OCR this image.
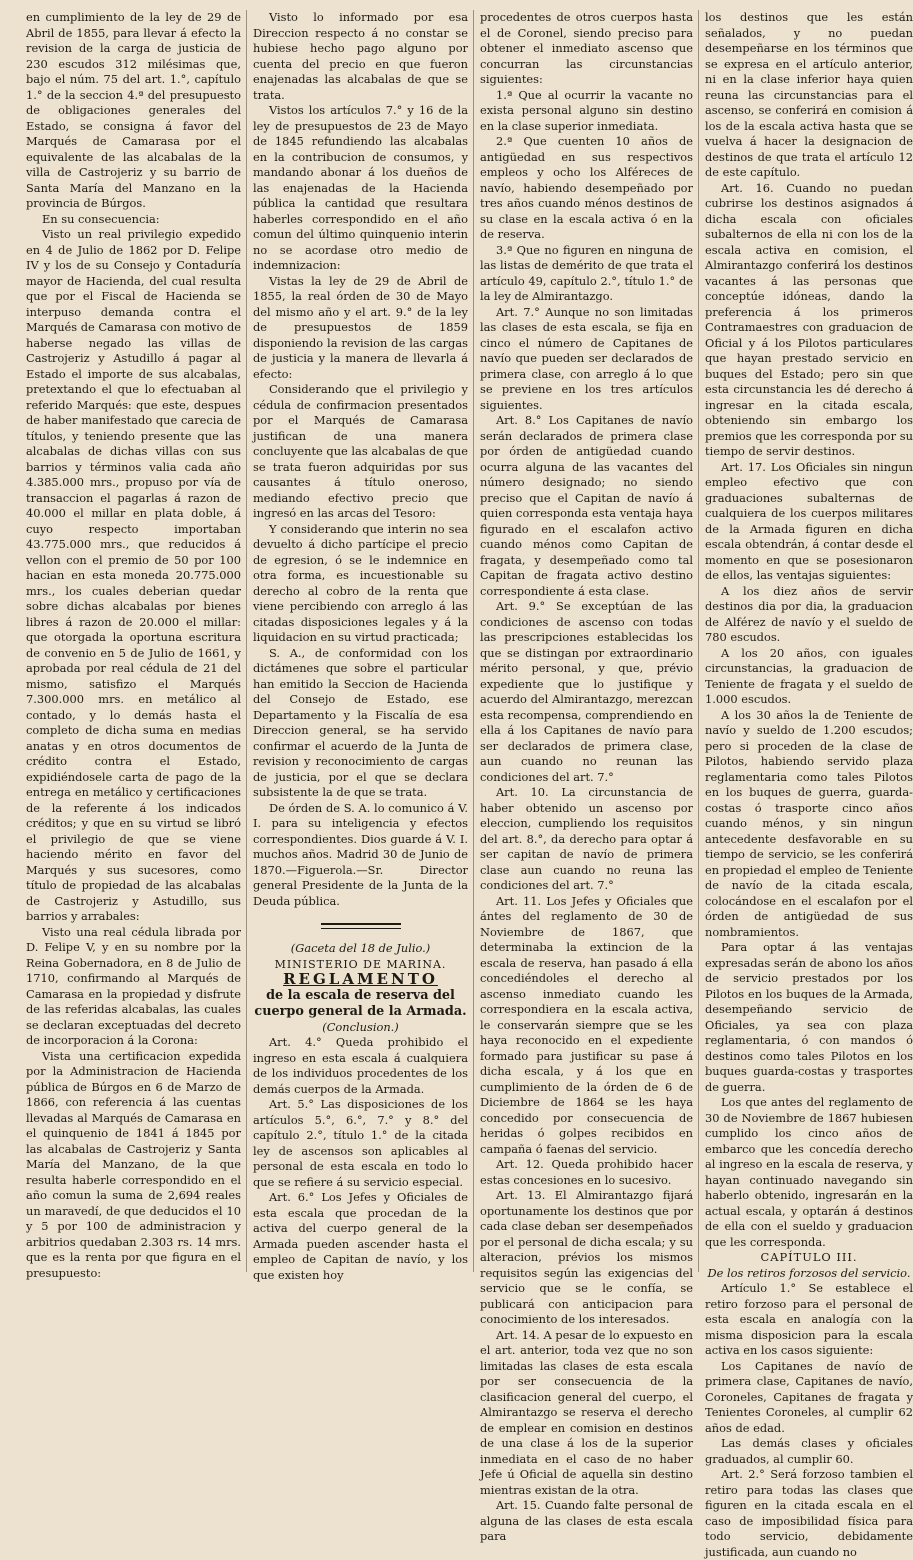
en cumplimiento de la ley de 29 de Abril de 1855, para llevar á efecto la revision de la carga de justicia de 230 escudos 312 milésimas que, bajo el núm. 75 del art. 1.°, capítulo 1.° de la seccion 4.ª del presupuesto de obligaciones generales del Estado, se consigna á favor del Marqués de Camarasa por el equivalente de las alcabalas de la villa de Castrojeriz y su barrio de Santa María del Manzano en la provincia de Búrgos.

En su consecuencia:

Visto un real privilegio expedido en 4 de Julio de 1862 por D. Felipe IV y los de su Consejo y Contaduría mayor de Hacienda, del cual resulta que por el Fiscal de Hacienda se interpuso demanda contra el Marqués de Camarasa con motivo de haberse negado las villas de Castrojeriz y Astudillo á pagar al Estado el importe de sus alcabalas, pretextando el que lo efectuaban al referido Marqués: que este, despues de haber manifestado que carecia de títulos, y teniendo presente que las alcabalas de dichas villas con sus barrios y términos valia cada año 4.385.000 mrs., propuso por vía de transaccion el pagarlas á razon de 40.000 el millar en plata doble, á cuyo respecto importaban 43.775.000 mrs., que reducidos á vellon con el premio de 50 por 100 hacian en esta moneda 20.775.000 mrs., los cuales deberian quedar sobre dichas alcabalas por bienes libres á razon de 20.000 el millar: que otorgada la oportuna escritura de convenio en 5 de Julio de 1661, y aprobada por real cédula de 21 del mismo, satisfizo el Marqués 7.300.000 mrs. en metálico al contado, y lo demás hasta el completo de dicha suma en medias anatas y en otros documentos de crédito contra el Estado, expidiéndosele carta de pago de la entrega en metálico y certificaciones de la referente á los indicados créditos; y que en su virtud se libró el privilegio de que se viene haciendo mérito en favor del Marqués y sus sucesores, como título de propiedad de las alcabalas de Castrojeriz y Astudillo, sus barrios y arrabales:

Visto una real cédula librada por D. Felipe V, y en su nombre por la Reina Gobernadora, en 8 de Julio de 1710, confirmando al Marqués de Camarasa en la propiedad y disfrute de las referidas alcabalas, las cuales se declaran exceptuadas del decreto de incorporacion á la Corona:

Vista una certificacion expedida por la Administracion de Hacienda pública de Búrgos en 6 de Marzo de 1866, con referencia á las cuentas llevadas al Marqués de Camarasa en el quinquenio de 1841 á 1845 por las alcabalas de Castrojeriz y Santa María del Manzano, de la que resulta haberle correspondido en el año comun la suma de 2,694 reales un maravedí, de que deducidos el 10 y 5 por 100 de administracion y arbitrios quedaban 2.303 rs. 14 mrs. que es la renta por que figura en el presupuesto:

Visto lo informado por esa Direccion respecto á no constar se hubiese hecho pago alguno por cuenta del precio en que fueron enajenadas las alcabalas de que se trata.

Vistos los artículos 7.° y 16 de la ley de presupuestos de 23 de Mayo de 1845 refundiendo las alcabalas en la contribucion de consumos, y mandando abonar á los dueños de las enajenadas de la Hacienda pública la cantidad que resultara haberles correspondido en el año comun del último quinquenio interin no se acordase otro medio de indemnizacion:

Vistas la ley de 29 de Abril de 1855, la real órden de 30 de Mayo del mismo año y el art. 9.° de la ley de presupuestos de 1859 disponiendo la revision de las cargas de justicia y la manera de llevarla á efecto:

Considerando que el privilegio y cédula de confirmacion presentados por el Marqués de Camarasa justifican de una manera concluyente que las alcabalas de que se trata fueron adquiridas por sus causantes á título oneroso, mediando efectivo precio que ingresó en las arcas del Tesoro:

Y considerando que interin no sea devuelto á dicho partícipe el precio de egresion, ó se le indemnice en otra forma, es incuestionable su derecho al cobro de la renta que viene percibiendo con arreglo á las citadas disposiciones legales y á la liquidacion en su virtud practicada;

S. A., de conformidad con los dictámenes que sobre el particular han emitido la Seccion de Hacienda del Consejo de Estado, ese Departamento y la Fiscalía de esa Direccion general, se ha servido confirmar el acuerdo de la Junta de revision y reconocimiento de cargas de justicia, por el que se declara subsistente la de que se trata.

De órden de S. A. lo comunico á V. I. para su inteligencia y efectos correspondientes. Dios guarde á V. I. muchos años. Madrid 30 de Junio de 1870.—Figuerola.—Sr. Director general Presidente de la Junta de la Deuda pública.

(Gaceta del 18 de Julio.)

MINISTERIO DE MARINA.

REGLAMENTO

de la escala de reserva del cuerpo general de la Armada.

(Conclusion.)

Art. 4.° Queda prohibido el ingreso en esta escala á cualquiera de los individuos procedentes de los demás cuerpos de la Armada.

Art. 5.° Las disposiciones de los artículos 5.°, 6.°, 7.° y 8.° del capítulo 2.°, título 1.° de la citada ley de ascensos son aplicables al personal de esta escala en todo lo que se refiere á su servicio especial.

Art. 6.° Los Jefes y Oficiales de esta escala que procedan de la activa del cuerpo general de la Armada pueden ascender hasta el empleo de Capitan de navío, y los que existen hoy

procedentes de otros cuerpos hasta el de Coronel, siendo preciso para obtener el inmediato ascenso que concurran las circunstancias siguientes:

1.ª Que al ocurrir la vacante no exista personal alguno sin destino en la clase superior inmediata.

2.ª Que cuenten 10 años de antigüedad en sus respectivos empleos y ocho los Alféreces de navío, habiendo desempeñado por tres años cuando ménos destinos de su clase en la escala activa ó en la de reserva.

3.ª Que no figuren en ninguna de las listas de demérito de que trata el artículo 49, capítulo 2.°, título 1.° de la ley de Almirantazgo.

Art. 7.° Aunque no son limitadas las clases de esta escala, se fija en cinco el número de Capitanes de navío que pueden ser declarados de primera clase, con arreglo á lo que se previene en los tres artículos siguientes.

Art. 8.° Los Capitanes de navío serán declarados de primera clase por órden de antigüedad cuando ocurra alguna de las vacantes del número designado; no siendo preciso que el Capitan de navío á quien corresponda esta ventaja haya figurado en el escalafon activo cuando ménos como Capitan de fragata, y desempeñado como tal Capitan de fragata activo destino correspondiente á esta clase.

Art. 9.° Se exceptúan de las condiciones de ascenso con todas las prescripciones establecidas los que se distingan por extraordinario mérito personal, y que, prévio expediente que lo justifique y acuerdo del Almirantazgo, merezcan esta recompensa, comprendiendo en ella á los Capitanes de navío para ser declarados de primera clase, aun cuando no reunan las condiciones del art. 7.°

Art. 10. La circunstancia de haber obtenido un ascenso por eleccion, cumpliendo los requisitos del art. 8.°, da derecho para optar á ser capitan de navío de primera clase aun cuando no reuna las condiciones del art. 7.°

Art. 11. Los Jefes y Oficiales que ántes del reglamento de 30 de Noviembre de 1867, que determinaba la extincion de la escala de reserva, han pasado á ella concediéndoles el derecho al ascenso inmediato cuando les correspondiera en la escala activa, le conservarán siempre que se les haya reconocido en el expediente formado para justificar su pase á dicha escala, y á los que en cumplimiento de la órden de 6 de Diciembre de 1864 se les haya concedido por consecuencia de heridas ó golpes recibidos en campaña ó faenas del servicio.

Art. 12. Queda prohibido hacer estas concesiones en lo sucesivo.

Art. 13. El Almirantazgo fijará oportunamente los destinos que por cada clase deban ser desempeñados por el personal de dicha escala; y su alteracion, prévios los mismos requisitos según las exigencias del servicio que se le confía, se publicará con anticipacion para conocimiento de los interesados.

Art. 14. A pesar de lo expuesto en el art. anterior, toda vez que no son limitadas las clases de esta escala por ser consecuencia de la clasificacion general del cuerpo, el Almirantazgo se reserva el derecho de emplear en comision en destinos de una clase á los de la superior inmediata en el caso de no haber Jefe ú Oficial de aquella sin destino mientras existan de la otra.

Art. 15. Cuando falte personal de alguna de las clases de esta escala para

los destinos que les están señalados, y no puedan desempeñarse en los términos que se expresa en el artículo anterior, ni en la clase inferior haya quien reuna las circunstancias para el ascenso, se conferirá en comision á los de la escala activa hasta que se vuelva á hacer la designacion de destinos de que trata el artículo 12 de este capítulo.

Art. 16. Cuando no puedan cubrirse los destinos asignados á dicha escala con oficiales subalternos de ella ni con los de la escala activa en comision, el Almirantazgo conferirá los destinos vacantes á las personas que conceptúe idóneas, dando la preferencia á los primeros Contramaestres con graduacion de Oficial y á los Pilotos particulares que hayan prestado servicio en buques del Estado; pero sin que esta circunstancia les dé derecho á ingresar en la citada escala, obteniendo sin embargo los premios que les corresponda por su tiempo de servir destinos.

Art. 17. Los Oficiales sin ningun empleo efectivo que con graduaciones subalternas de cualquiera de los cuerpos militares de la Armada figuren en dicha escala obtendrán, á contar desde el momento en que se posesionaron de ellos, las ventajas siguientes:

A los diez años de servir destinos dia por dia, la graduacion de Alférez de navío y el sueldo de 780 escudos.

A los 20 años, con iguales circunstancias, la graduacion de Teniente de fragata y el sueldo de 1.000 escudos.

A los 30 años la de Teniente de navío y sueldo de 1.200 escudos; pero si proceden de la clase de Pilotos, habiendo servido plaza reglamentaria como tales Pilotos en los buques de guerra, guarda-costas ó trasporte cinco años cuando ménos, y sin ningun antecedente desfavorable en su tiempo de servicio, se les conferirá en propiedad el empleo de Teniente de navío de la citada escala, colocándose en el escalafon por el órden de antigüedad de sus nombramientos.

Para optar á las ventajas expresadas serán de abono los años de servicio prestados por los Pilotos en los buques de la Armada, desempeñando servicio de Oficiales, ya sea con plaza reglamentaria, ó con mandos ó destinos como tales Pilotos en los buques guarda-costas y trasportes de guerra.

Los que antes del reglamento de 30 de Noviembre de 1867 hubiesen cumplido los cinco años de embarco que les concedía derecho al ingreso en la escala de reserva, y hayan continuado navegando sin haberlo obtenido, ingresarán en la actual escala, y optarán á destinos de ella con el sueldo y graduacion que les corresponda.

CAPÍTULO III.

De los retiros forzosos del servicio.

Artículo 1.° Se establece el retiro forzoso para el personal de esta escala en analogía con la misma disposicion para la escala activa en los casos siguiente:

Los Capitanes de navío de primera clase, Capitanes de navío, Coroneles, Capitanes de fragata y Tenientes Coroneles, al cumplir 62 años de edad.

Las demás clases y oficiales graduados, al cumplir 60.

Art. 2.° Será forzoso tambien el retiro para todas las clases que figuren en la citada escala en el caso de imposibilidad física para todo servicio, debidamente justificada, aun cuando no
